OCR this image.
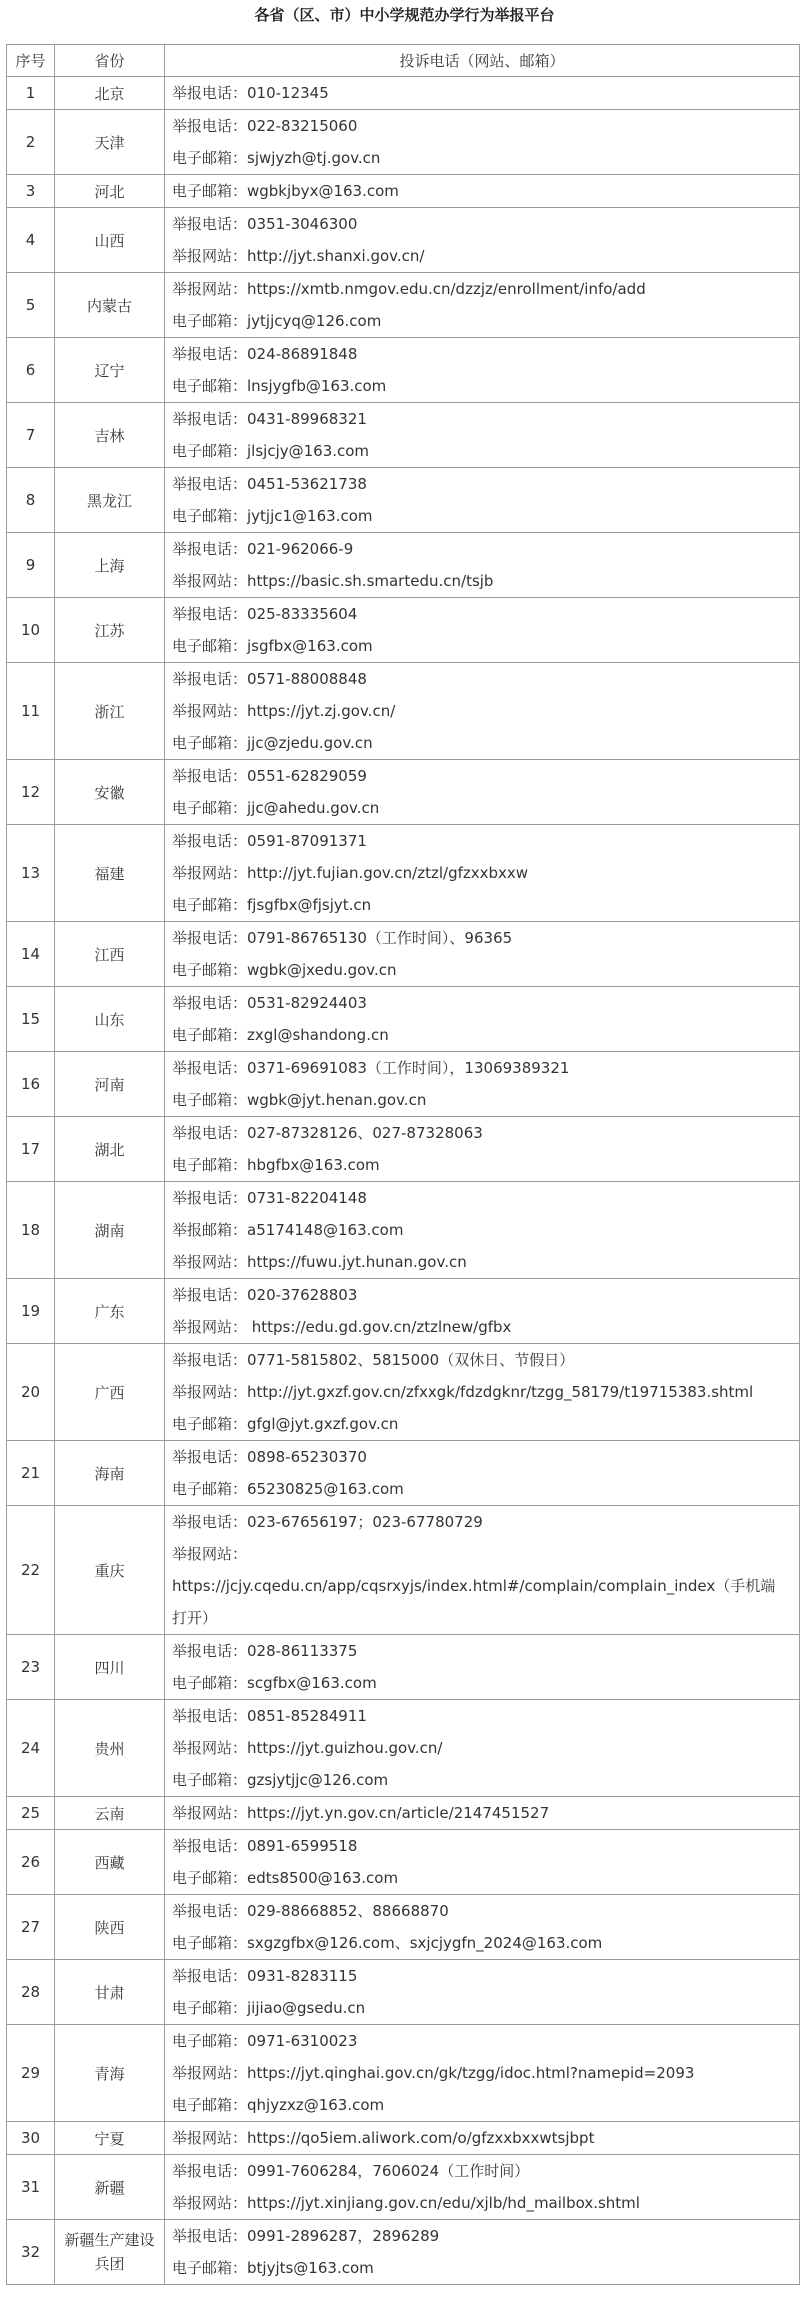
各省（区、市）中小学规范办学行为举报平台
序号	省份	投诉电话（网站、邮箱）
1	北京	举报电话：010-12345

2	天津	举报电话：022-83215060
电子邮箱：sjwjyzh@tj.gov.cn

3	河北	电子邮箱：wgbkjbyx@163.com

4	山西	举报电话：0351-3046300
举报网站：http://jyt.shanxi.gov.cn/

5	内蒙古	举报网站：https://xmtb.nmgov.edu.cn/dzzjz/enrollment/info/add
电子邮箱：jytjjcyq@126.com

6	辽宁	举报电话：024-86891848
电子邮箱：lnsjygfb@163.com

7	吉林	举报电话：0431-89968321
电子邮箱：jlsjcjy@163.com

8	黑龙江	举报电话：0451-53621738
电子邮箱：jytjjc1@163.com

9	上海	举报电话：021-962066-9
举报网站：https://basic.sh.smartedu.cn/tsjb

10	江苏	举报电话：025-83335604
电子邮箱：jsgfbx@163.com

11	浙江	举报电话：0571-88008848
举报网站：https://jyt.zj.gov.cn/
电子邮箱：jjc@zjedu.gov.cn

12	安徽	举报电话：0551-62829059
电子邮箱：jjc@ahedu.gov.cn

13	福建	举报电话：0591-87091371
举报网站：http://jyt.fujian.gov.cn/ztzl/gfzxxbxxw
电子邮箱：fjsgfbx@fjsjyt.cn

14	江西	举报电话：0791-86765130（工作时间）、96365
电子邮箱：wgbk@jxedu.gov.cn

15	山东	举报电话：0531-82924403
电子邮箱：zxgl@shandong.cn

16	河南	举报电话：0371-69691083（工作时间），13069389321
电子邮箱：wgbk@jyt.henan.gov.cn

17	湖北	举报电话：027-87328126、027-87328063
电子邮箱：hbgfbx@163.com

18	湖南	举报电话：0731-82204148
举报邮箱：a5174148@163.com
举报网站：https://fuwu.jyt.hunan.gov.cn

19	广东	举报电话：020-37628803
举报网站： https://edu.gd.gov.cn/ztzlnew/gfbx

20	广西	举报电话：0771-5815802、5815000（双休日、节假日）
举报网站：http://jyt.gxzf.gov.cn/zfxxgk/fdzdgknr/tzgg_58179/t19715383.shtml
电子邮箱：gfgl@jyt.gxzf.gov.cn

21	海南	举报电话：0898-65230370
电子邮箱：65230825@163.com

22	重庆	举报电话：023-67656197；023-67780729
举报网站：
https://jcjy.cqedu.cn/app/cqsrxyjs/index.html#/complain/complain_index（手机端
打开）

23	四川	举报电话：028-86113375
电子邮箱：scgfbx@163.com

24	贵州	举报电话：0851-85284911
举报网站：https://jyt.guizhou.gov.cn/
电子邮箱：gzsjytjjc@126.com

25	云南	举报网站：https://jyt.yn.gov.cn/article/2147451527

26	西藏	举报电话：0891-6599518
电子邮箱：edts8500@163.com

27	陕西	举报电话：029-88668852、88668870
电子邮箱：sxgzgfbx@126.com、sxjcjygfn_2024@163.com

28	甘肃	举报电话：0931-8283115
电子邮箱：jijiao@gsedu.cn

29	青海	电子邮箱：0971-6310023
举报网站：https://jyt.qinghai.gov.cn/gk/tzgg/idoc.html?namepid=2093
电子邮箱：qhjyzxz@163.com

30	宁夏	举报网站：https://qo5iem.aliwork.com/o/gfzxxbxxwtsjbpt

31	新疆	举报电话：0991-7606284，7606024（工作时间）
举报网站：https://jyt.xinjiang.gov.cn/edu/xjlb/hd_mailbox.shtml

32	新疆生产建设兵团	举报电话：0991-2896287，2896289
电子邮箱：btjyjts@163.com
